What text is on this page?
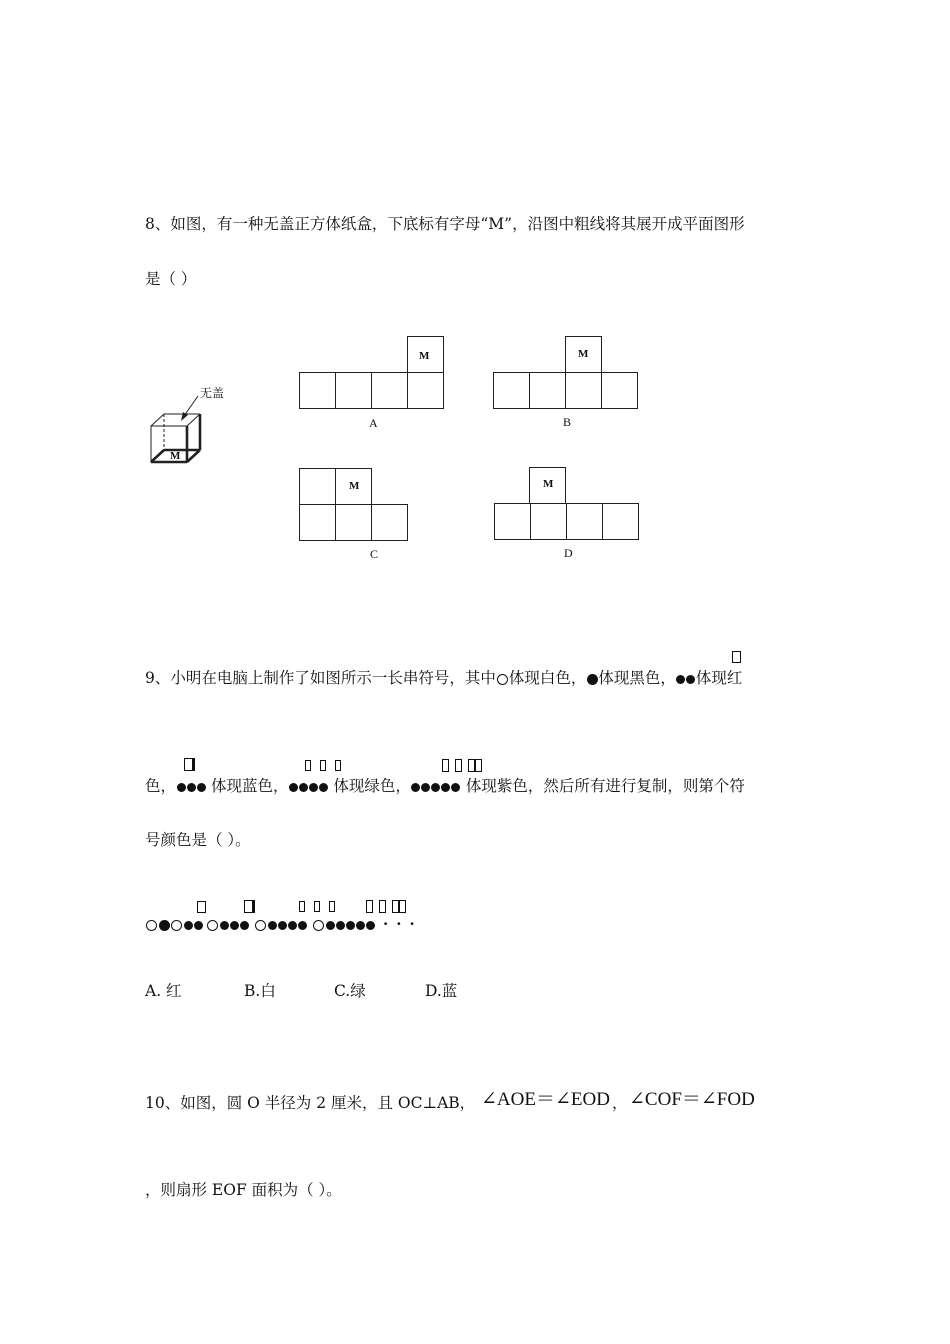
8、如图，有一种无盖正方体纸盒，下底标有字母“M”，沿图中粗线将其展开成平面图形
是（ ）
无盖
M
M
A
M
B
M
C
M
D
9、小明在电脑上制作了如图所示一长串符号，其中 体现白色， 体现黑色， 体现红

色， 体现蓝色，	体现绿色，	体现紫色，然后所有进行复制，则第个符
号颜色是（ ）。

···
A. 红	B.白	C.绿	D.蓝
10、如图，圆 O 半径为 2 厘米，且 OC⊥AB， ∠AOE＝∠EOD ， ∠COF＝∠FOD
，则扇形 EOF 面积为（ ）。
